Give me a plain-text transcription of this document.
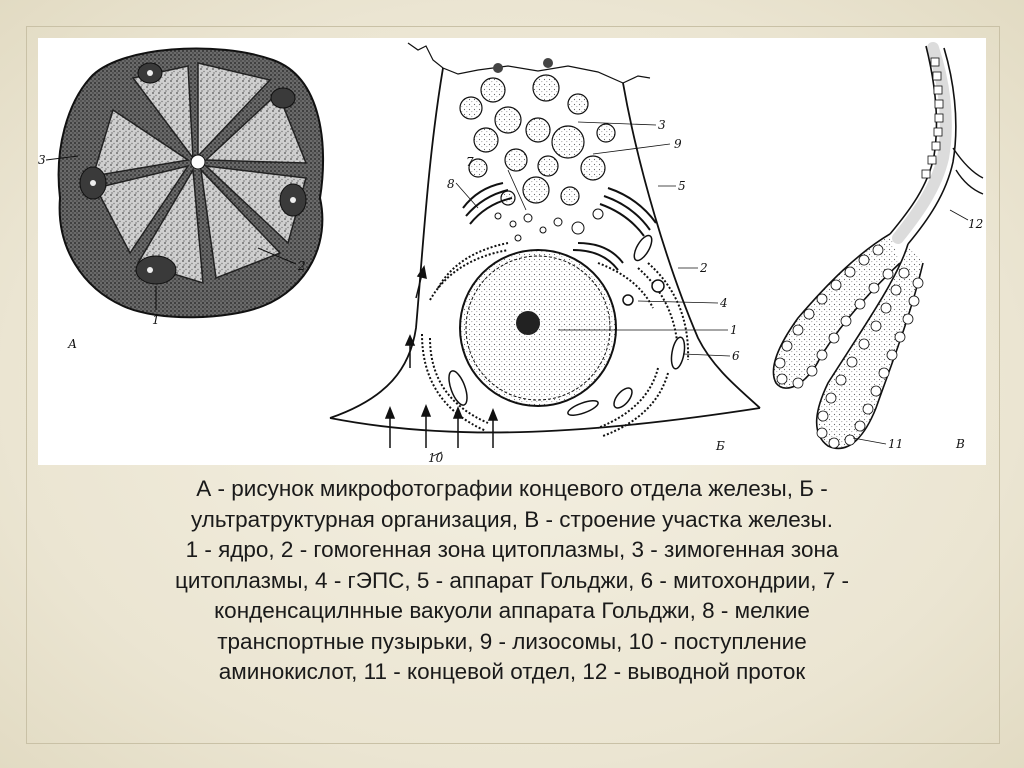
3
2
1
А
3
9
7
8	5
2
4
1
6
10
Б
12
11	В

А - рисунок микрофотографии концевого отдела железы, Б -

ультратруктурная организация, В - строение участка железы.

1 - ядро, 2 - гомогенная зона цитоплазмы, 3 - зимогенная зона

цитоплазмы, 4 - гЭПС, 5 - аппарат Гольджи, 6 - митохондрии, 7 -

конденсацилнные вакуоли аппарата Гольджи, 8 - мелкие

транспортные пузырьки, 9 - лизосомы, 10 - поступление

аминокислот, 11 - концевой отдел, 12 - выводной проток
